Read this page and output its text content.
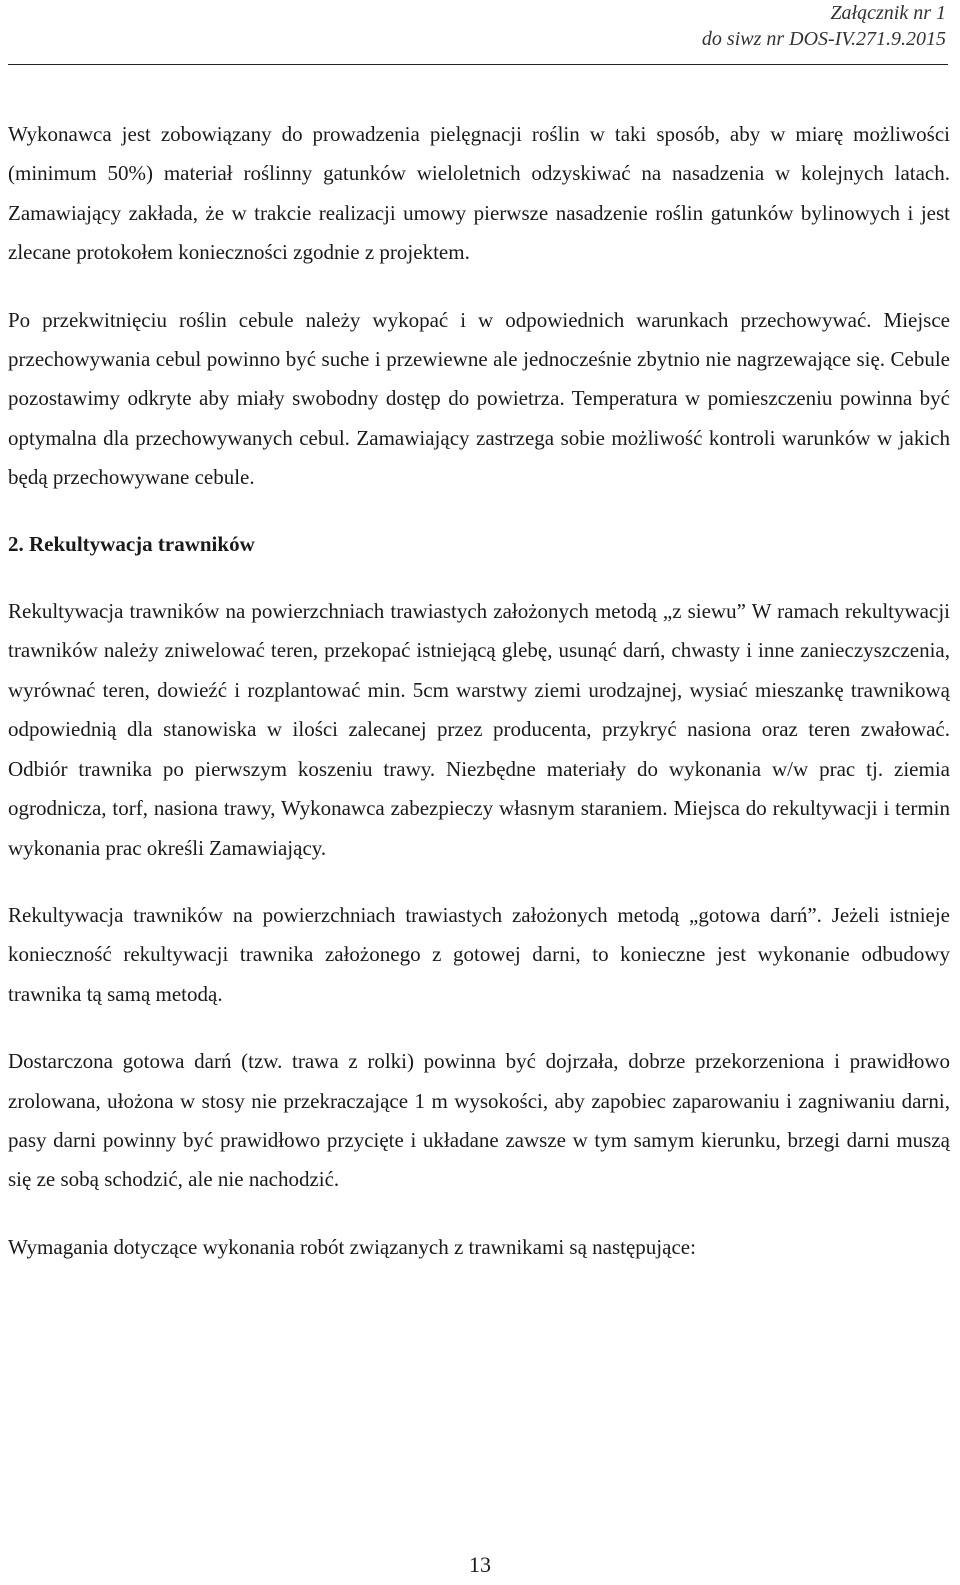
Załącznik nr 1
do siwz nr DOS-IV.271.9.2015

Wykonawca jest zobowiązany do prowadzenia pielęgnacji roślin w taki sposób, aby w miarę możliwości (minimum 50%) materiał roślinny gatunków wieloletnich odzyskiwać na nasadzenia w kolejnych latach. Zamawiający zakłada, że w trakcie realizacji umowy pierwsze nasadzenie roślin gatunków bylinowych i jest zlecane protokołem konieczności zgodnie z projektem.

Po przekwitnięciu roślin cebule należy wykopać i w odpowiednich warunkach przechowywać. Miejsce przechowywania cebul powinno być suche i przewiewne ale jednocześnie zbytnio nie nagrzewające się. Cebule pozostawimy odkryte aby miały swobodny dostęp do powietrza. Temperatura w pomieszczeniu powinna być optymalna dla przechowywanych cebul. Zamawiający zastrzega sobie możliwość kontroli warunków w jakich będą przechowywane cebule.

2. Rekultywacja trawników

Rekultywacja trawników na powierzchniach trawiastych założonych metodą „z siewu” W ramach rekultywacji trawników należy zniwelować teren, przekopać istniejącą glebę, usunąć darń, chwasty i inne zanieczyszczenia, wyrównać teren, dowieźć i rozplantować min. 5cm warstwy ziemi urodzajnej, wysiać mieszankę trawnikową odpowiednią dla stanowiska w ilości zalecanej przez producenta, przykryć nasiona oraz teren zwałować. Odbiór trawnika po pierwszym koszeniu trawy. Niezbędne materiały do wykonania w/w prac tj. ziemia ogrodnicza, torf, nasiona trawy, Wykonawca zabezpieczy własnym staraniem. Miejsca do rekultywacji i termin wykonania prac określi Zamawiający.

Rekultywacja trawników na powierzchniach trawiastych założonych metodą „gotowa darń”. Jeżeli istnieje konieczność rekultywacji trawnika założonego z gotowej darni, to konieczne jest wykonanie odbudowy trawnika tą samą metodą.

Dostarczona gotowa darń (tzw. trawa z rolki) powinna być dojrzała, dobrze przekorzeniona i prawidłowo zrolowana, ułożona w stosy nie przekraczające 1 m wysokości, aby zapobiec zaparowaniu i zagniwaniu darni, pasy darni powinny być prawidłowo przycięte i układane zawsze w tym samym kierunku, brzegi darni muszą się ze sobą schodzić, ale nie nachodzić.

Wymagania dotyczące wykonania robót związanych z trawnikami są następujące:

13
